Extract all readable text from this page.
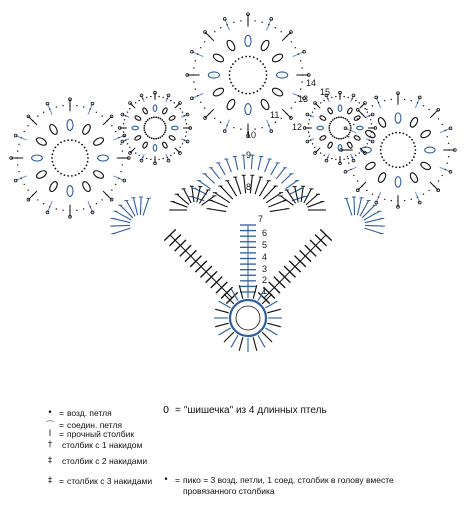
1
2
3
4
5
6
7
8
9
10
11
12
13
14
15
• = возд. петля
⌒ = соедин. петля
I = прочный столбик
†	столбик с 1 накидом
‡	столбик с 2 накидами
‡ = столбик с 3 накидами
0 = "шишечка" из 4 длинных птель
• = пико = 3 возд. петли, 1 соед. столбик в голову вместе провязанного столбика
